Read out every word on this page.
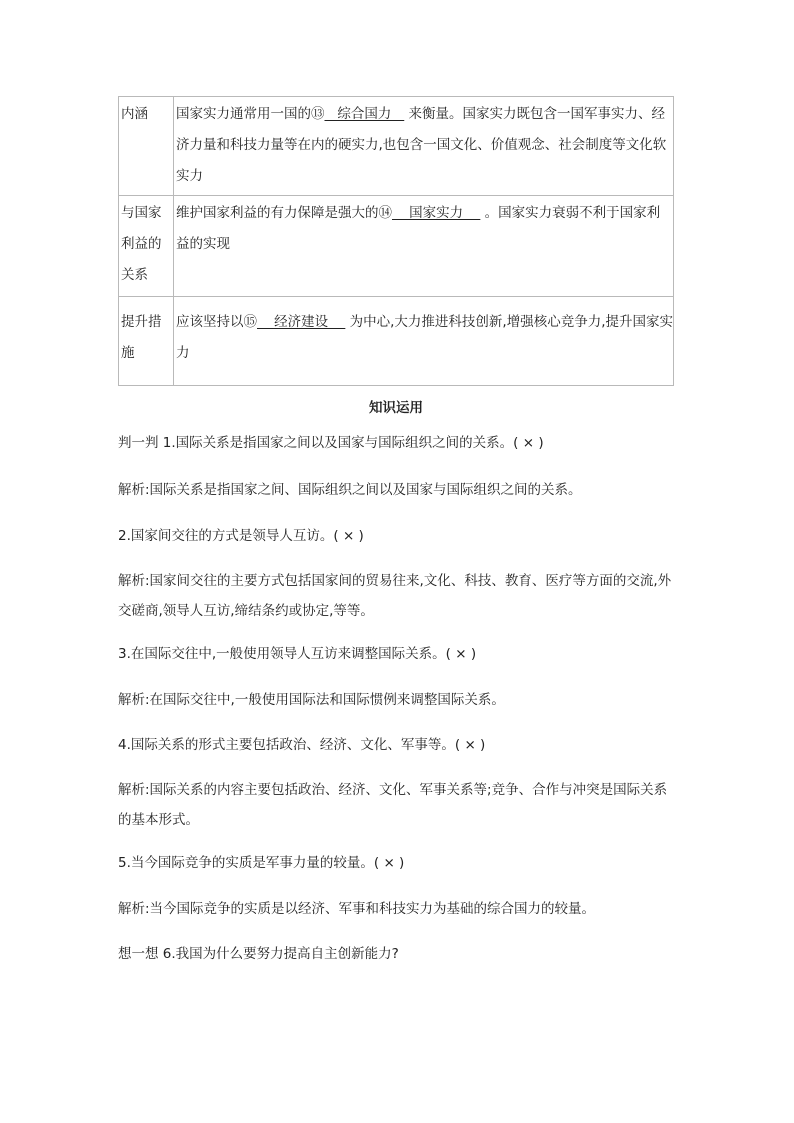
内涵	国家实力通常用一国的⑬   综合国力    来衡量。国家实力既包含一国军事实力、经济力量和科技力量等在内的硬实力,也包含一国文化、价值观念、社会制度等文化软实力
与国家利益的关系	维护国家利益的有力保障是强大的⑭    国家实力     。国家实力衰弱不利于国家利益的实现
提升措施	应该坚持以⑮    经济建设     为中心,大力推进科技创新,增强核心竞争力,提升国家实力
知识运用

判一判 1.国际关系是指国家之间以及国家与国际组织之间的关系。( × )

解析:国际关系是指国家之间、国际组织之间以及国家与国际组织之间的关系。

2.国家间交往的方式是领导人互访。( × )

解析:国家间交往的主要方式包括国家间的贸易往来,文化、科技、教育、医疗等方面的交流,外交磋商,领导人互访,缔结条约或协定,等等。

3.在国际交往中,一般使用领导人互访来调整国际关系。( × )

解析:在国际交往中,一般使用国际法和国际惯例来调整国际关系。

4.国际关系的形式主要包括政治、经济、文化、军事等。( × )

解析:国际关系的内容主要包括政治、经济、文化、军事关系等;竞争、合作与冲突是国际关系的基本形式。

5.当今国际竞争的实质是军事力量的较量。( × )

解析:当今国际竞争的实质是以经济、军事和科技实力为基础的综合国力的较量。

想一想 6.我国为什么要努力提高自主创新能力?
